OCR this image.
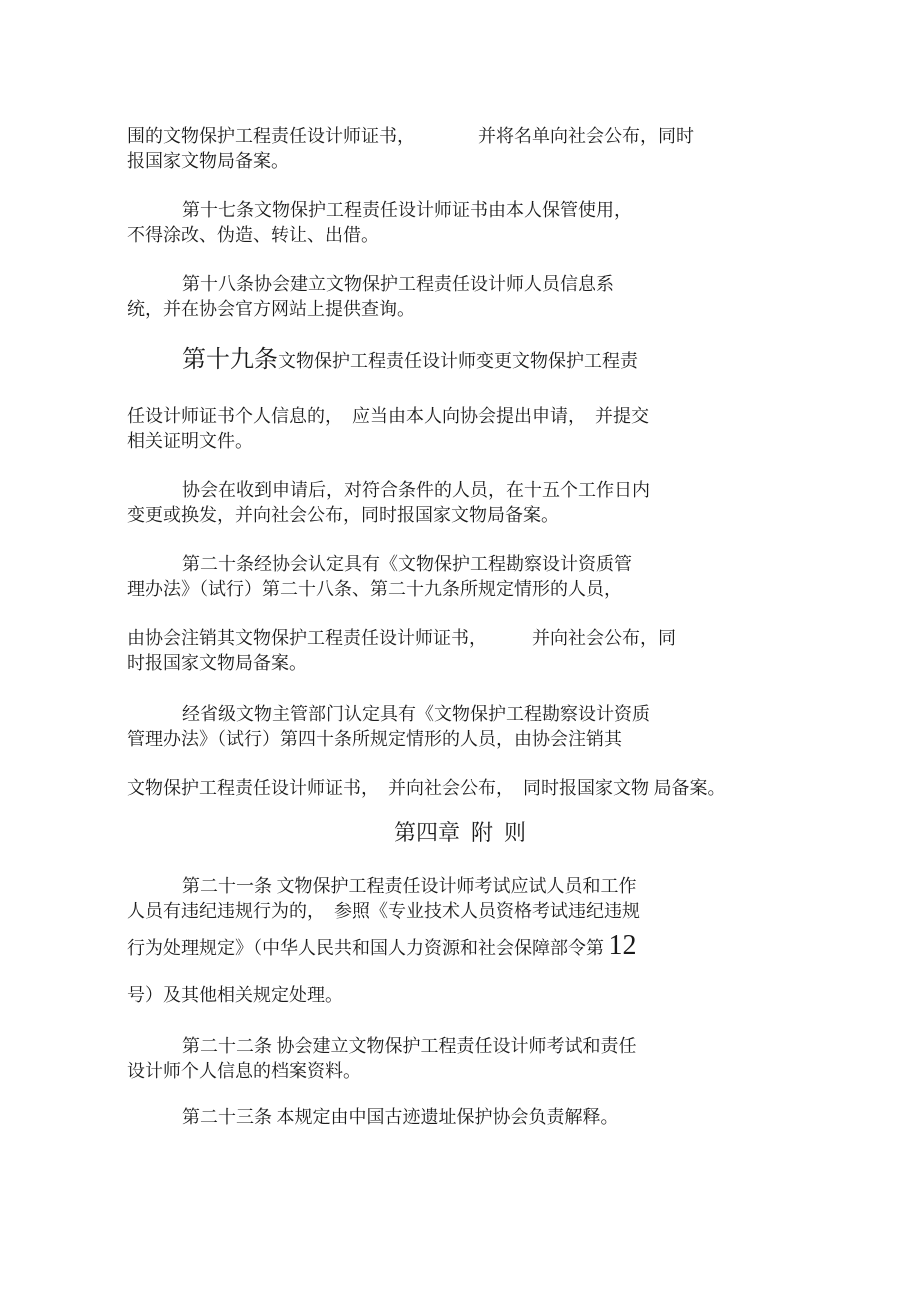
围的文物保护工程责任设计师证书，　　　　并将名单向社会公布，同时
报国家文物局备案。
第十七条文物保护工程责任设计师证书由本人保管使用，
不得涂改、伪造、转让、出借。
第十八条协会建立文物保护工程责任设计师人员信息系
统，并在协会官方网站上提供查询。
第十九条文物保护工程责任设计师变更文物保护工程责
任设计师证书个人信息的，　应当由本人向协会提出申请，　并提交
相关证明文件。
协会在收到申请后，对符合条件的人员，在十五个工作日内
变更或换发，并向社会公布，同时报国家文物局备案。
第二十条经协会认定具有《文物保护工程勘察设计资质管
理办法》（试行）第二十八条、第二十九条所规定情形的人员，
由协会注销其文物保护工程责任设计师证书，　　　并向社会公布，同
时报国家文物局备案。
经省级文物主管部门认定具有《文物保护工程勘察设计资质
管理办法》（试行）第四十条所规定情形的人员，由协会注销其
文物保护工程责任设计师证书，　并向社会公布，　同时报国家文物 局备案。
第四章  附  则
第二十一条 文物保护工程责任设计师考试应试人员和工作
人员有违纪违规行为的，　参照《专业技术人员资格考试违纪违规
行为处理规定》（中华人民共和国人力资源和社会保障部令第 12
号）及其他相关规定处理。
第二十二条 协会建立文物保护工程责任设计师考试和责任
设计师个人信息的档案资料。
第二十三条 本规定由中国古迹遗址保护协会负责解释。
